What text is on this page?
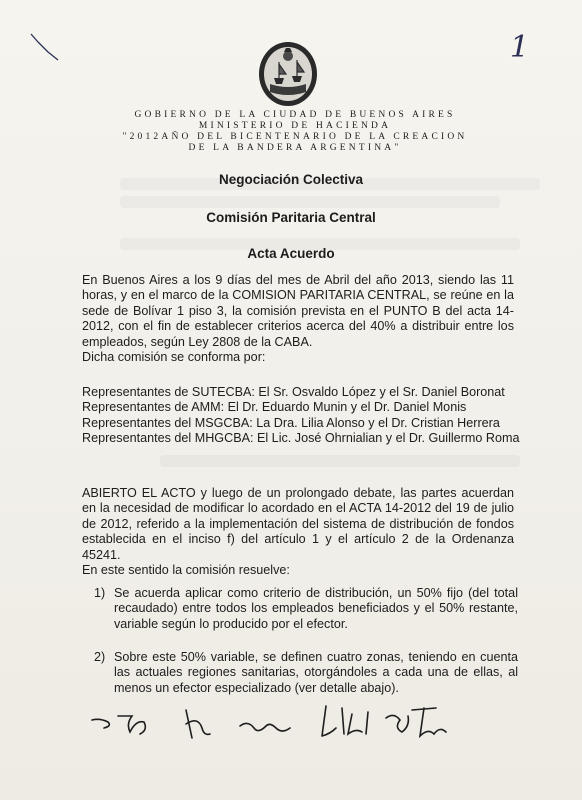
1
GOBIERNO DE LA CIUDAD DE BUENOS AIRES
MINISTERIO DE HACIENDA
"2012AÑO DEL BICENTENARIO DE LA CREACION
DE LA BANDERA ARGENTINA"
Negociación Colectiva
Comisión Paritaria Central
Acta Acuerdo
En Buenos Aires a los 9 días del mes de Abril del año 2013, siendo las 11 horas, y en el marco de la COMISION PARITARIA CENTRAL, se reúne en la sede de Bolívar 1 piso 3, la comisión prevista en el PUNTO B del acta 14-2012, con el fin de establecer criterios acerca del 40% a distribuir entre los empleados, según Ley 2808 de la CABA.
Dicha comisión se conforma por:
Representantes de SUTECBA: El Sr. Osvaldo López y el Sr. Daniel Boronat
Representantes de AMM: El Dr. Eduardo Munin y el Dr. Daniel Monis
Representantes del MSGCBA: La Dra. Lilia Alonso y el Dr. Cristian Herrera
Representantes del MHGCBA: El Lic. José Ohrnialian y el Dr. Guillermo Roma
ABIERTO EL ACTO y luego de un prolongado debate, las partes acuerdan en la necesidad de modificar lo acordado en el ACTA 14-2012 del 19 de julio de 2012, referido a la implementación del sistema de distribución de fondos establecida en el inciso f) del artículo 1 y el artículo 2 de la Ordenanza 45241.
En este sentido la comisión resuelve:
1) Se acuerda aplicar como criterio de distribución, un 50% fijo (del total recaudado) entre todos los empleados beneficiados y el 50% restante, variable según lo producido por el efector.
2) Sobre este 50% variable, se definen cuatro zonas, teniendo en cuenta las actuales regiones sanitarias, otorgándoles a cada una de ellas, al menos un efector especializado (ver detalle abajo).
